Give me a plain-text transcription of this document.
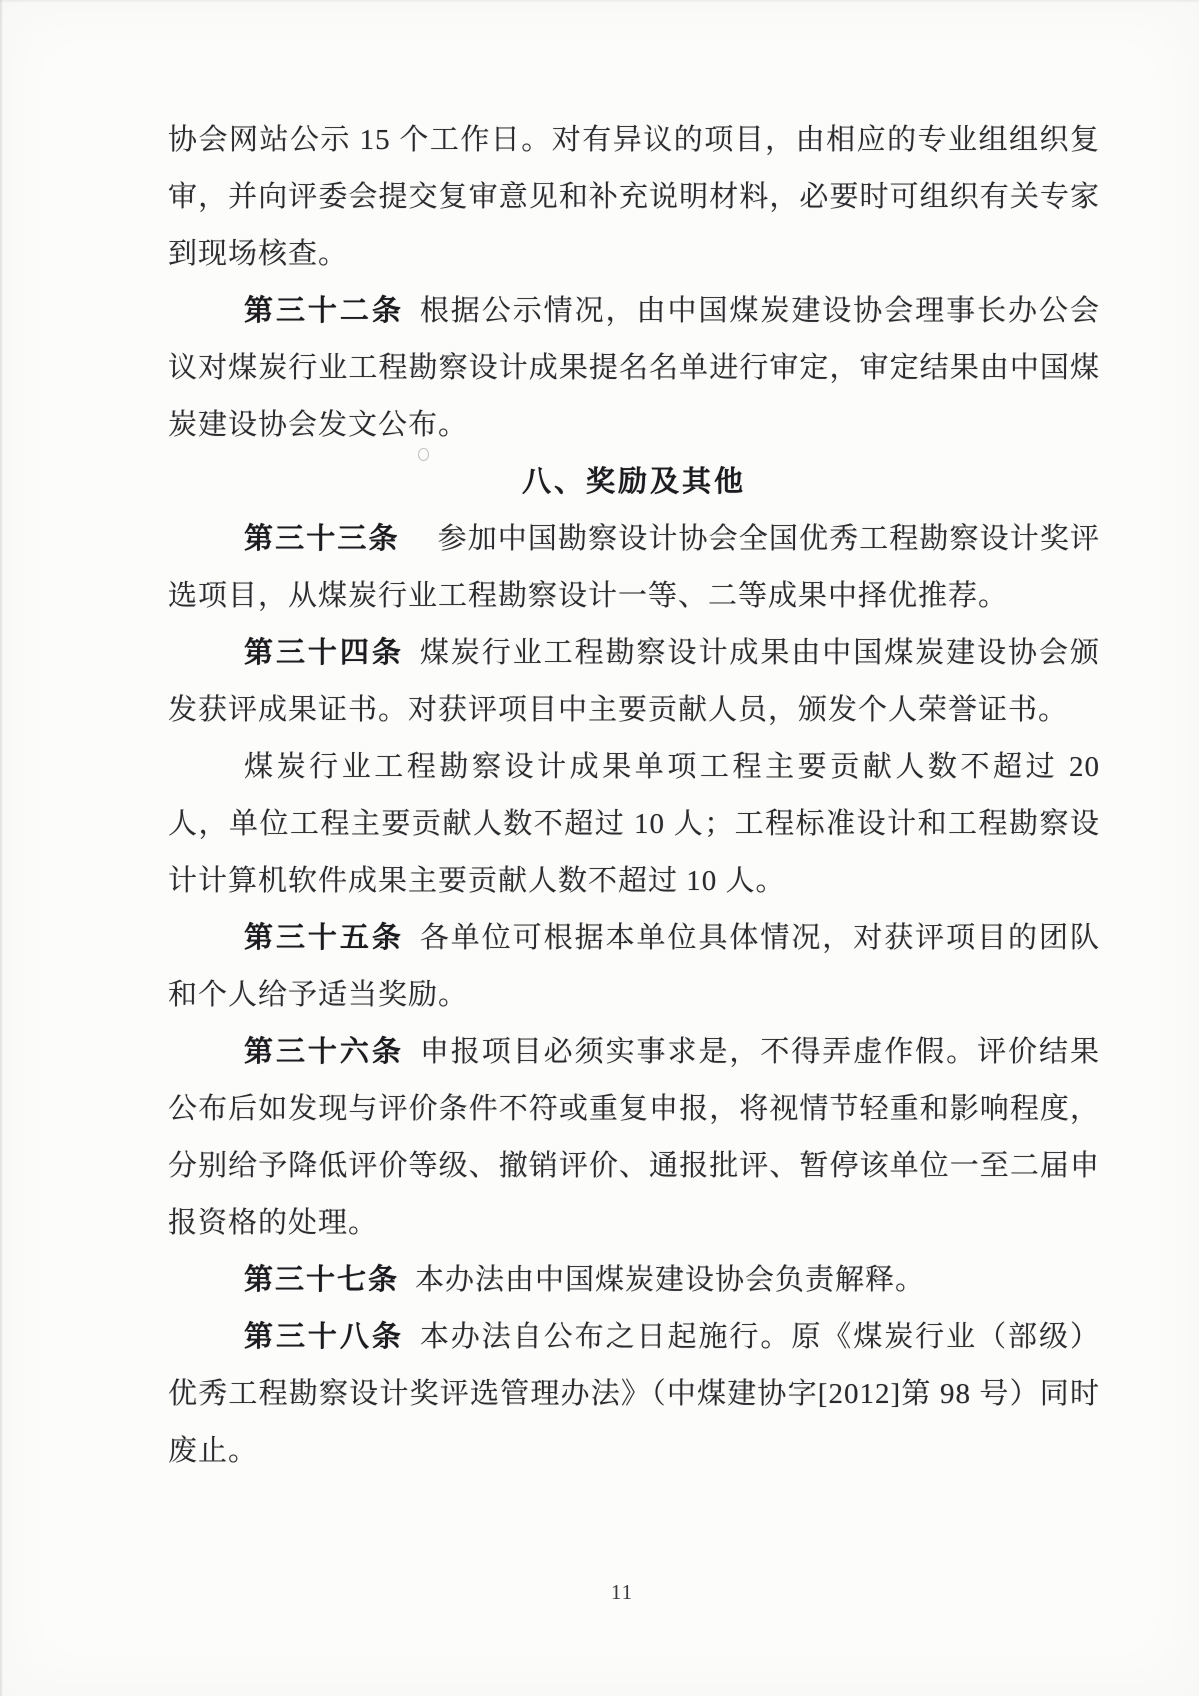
协会网站公示 15 个工作日。对有异议的项目，由相应的专业组组织复审，并向评委会提交复审意见和补充说明材料，必要时可组织有关专家到现场核查。

第三十二条 根据公示情况，由中国煤炭建设协会理事长办公会议对煤炭行业工程勘察设计成果提名名单进行审定，审定结果由中国煤炭建设协会发文公布。

八、奖励及其他

第三十三条 参加中国勘察设计协会全国优秀工程勘察设计奖评选项目，从煤炭行业工程勘察设计一等、二等成果中择优推荐。

第三十四条 煤炭行业工程勘察设计成果由中国煤炭建设协会颁发获评成果证书。对获评项目中主要贡献人员，颁发个人荣誉证书。

煤炭行业工程勘察设计成果单项工程主要贡献人数不超过 20 人，单位工程主要贡献人数不超过 10 人；工程标准设计和工程勘察设计计算机软件成果主要贡献人数不超过 10 人。

第三十五条 各单位可根据本单位具体情况，对获评项目的团队和个人给予适当奖励。

第三十六条 申报项目必须实事求是，不得弄虚作假。评价结果公布后如发现与评价条件不符或重复申报，将视情节轻重和影响程度，分别给予降低评价等级、撤销评价、通报批评、暂停该单位一至二届申报资格的处理。

第三十七条 本办法由中国煤炭建设协会负责解释。

第三十八条 本办法自公布之日起施行。原《煤炭行业（部级）优秀工程勘察设计奖评选管理办法》（中煤建协字[2012]第 98 号）同时废止。

11
